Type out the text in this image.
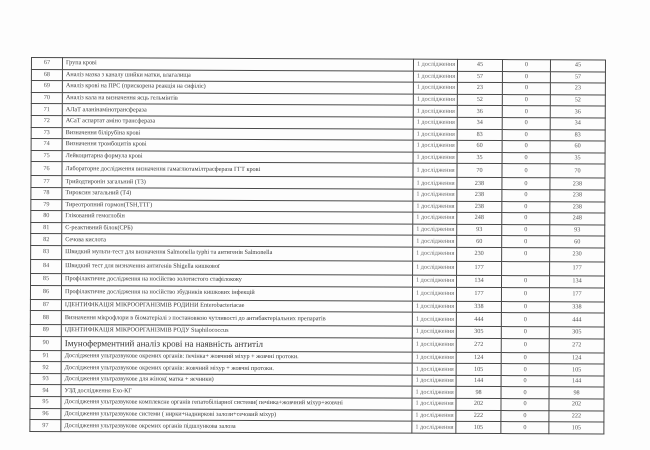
67	Група крові	1 дослідження	45	0	45
68	Аналіз мазка з каналу шийки матки, влагалища	1 дослідження	57	0	57
69	Аналіз крові на ПРС (прискорена реакція на сифіліс)	1 дослідження	23	0	23
70	Аналіз кала на визначення яєць гельмінтів	1 дослідження	52	0	52
71	АЛаТ аланінамінотрансфераза	1 дослідження	36	0	36
72	АСаТ аспартат аміно трансфераза	1 дослідження	34	0	34
73	Визначення білірубіна крові	1 дослідження	83	0	83
74	Визначення тромбоцитів крові	1 дослідження	60	0	60
75	Лейкоцитарна формула крові	1 дослідження	35	0	35
76	Лабораторне дослідження визначення гамаглютамілтрасфераза ГГТ крові	1 дослідження	70	0	70
77	Трийодтиронін загальний (Т3)	1 дослідження	238	0	238
78	Тироксин загальний (Т4)	1 дослідження	238	0	238
79	Тиреотропний гормон(TSH,ТТГ)	1 дослідження	238	0	238
80	Глікований гемоглобін	1 дослідження	248	0	248
81	С-реактивний білок(СРБ)	1 дослідження	93	0	93
82	Сечова кислота	1 дослідження	60	0	60
83	Швидкий мульти-тест для визначення Salmonella typhi та антигенів Salmonella	1 дослідження	230	0	230
84	Швидкий тест для визначення антигенів Shigella кишкової	1 дослідження	177		177
85	Профілактичне дослідження на носійство золотистого стафілококу	1 дослідження	134	0	134
86	Профілактичне дослідження на носійство збудників кишкових інфекцій	1 дослідження	177	0	177
87	ІДЕНТИФІКАЦІЯ МІКРООРГАНІЗМІВ РОДИНИ Enterobacteriacae	1 дослідження	338	0	338
88	Визначення мікрофлори в біоматеріалі з постановкою чутливості до антибактеріальних препаратів	1 дослідження	444	0	444
89	ІДЕНТИФІКАЦІЯ МІКРООРГАНІЗМІВ РОДУ Staphilococcus	1 дослідження	305	0	305
90	Імуноферментний аналіз крові на наявність антитіл	1 дослідження	272	0	272
91	Дослідження ультразвукове окремих органів: печінка+ жовчний міхур + жовчні протоки.	1 дослідження	124	0	124
92	Дослідження ультразвукове окремих органів: жовчний міхур + жовчні протоки.	1 дослідження	105	0	105
93	Дослідження ультразвукове для жінок( матка + яєчники)	1 дослідження	144	0	144
94	УЗД дослідження Ехо-КГ	1 дослідження	98	0	98
95	Дослідження ультразвукове комплексне органів гепатобіліарної системи( печінка+жовчний міхур+жовчні	1 дослідження	202	0	202
96	Дослідження ультразвукове системи ( нирки+надниркові залози+сечовий міхур)	1 дослідження	222	0	222
97	Дослідження ультразвукове окремих органів підшлункова залоза	1 дослідження	105	0	105
